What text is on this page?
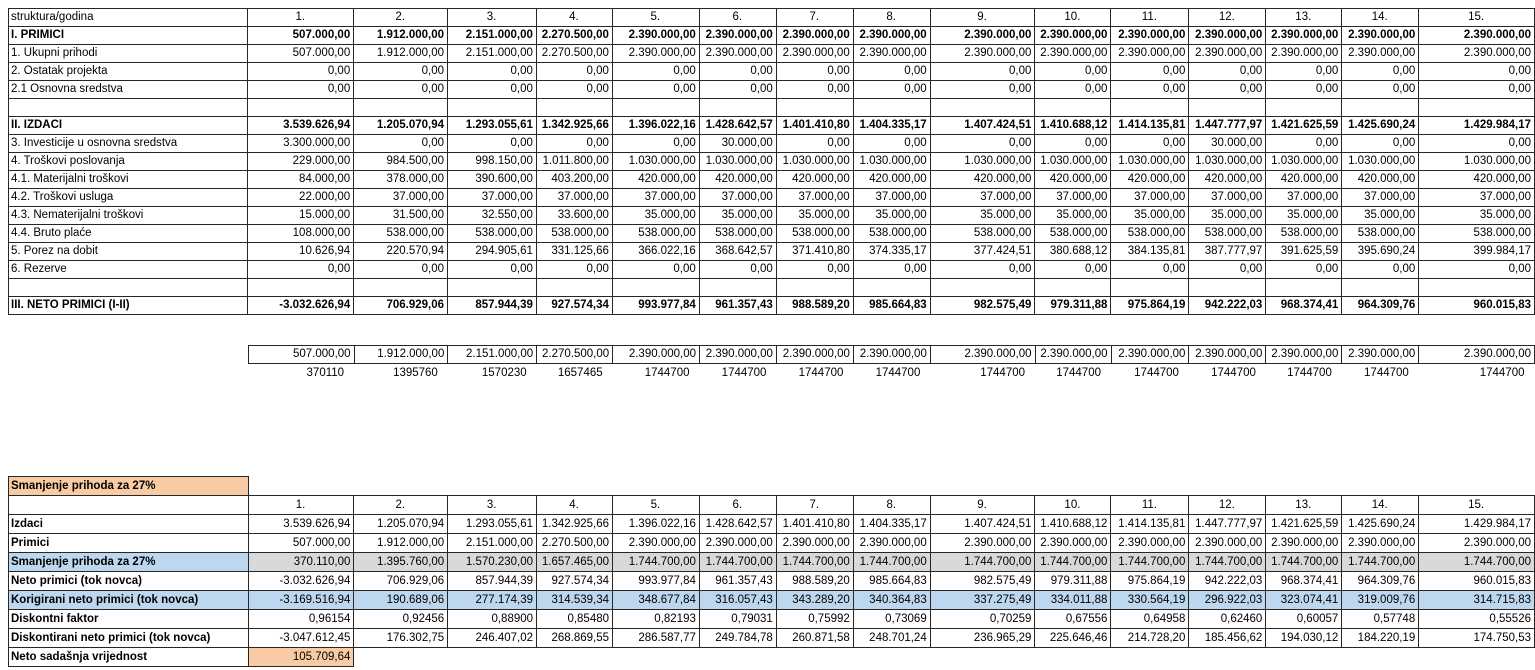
struktura/godina	1.	2.	3.	4.	5.	6.	7.	8.	9.	10.	11.	12.	13.	14.	15.
I. PRIMICI	507.000,00	1.912.000,00	2.151.000,00	2.270.500,00	2.390.000,00	2.390.000,00	2.390.000,00	2.390.000,00	2.390.000,00	2.390.000,00	2.390.000,00	2.390.000,00	2.390.000,00	2.390.000,00	2.390.000,00
1. Ukupni prihodi	507.000,00	1.912.000,00	2.151.000,00	2.270.500,00	2.390.000,00	2.390.000,00	2.390.000,00	2.390.000,00	2.390.000,00	2.390.000,00	2.390.000,00	2.390.000,00	2.390.000,00	2.390.000,00	2.390.000,00
2. Ostatak projekta	0,00	0,00	0,00	0,00	0,00	0,00	0,00	0,00	0,00	0,00	0,00	0,00	0,00	0,00	0,00
2.1 Osnovna sredstva	0,00	0,00	0,00	0,00	0,00	0,00	0,00	0,00	0,00	0,00	0,00	0,00	0,00	0,00	0,00

II. IZDACI	3.539.626,94	1.205.070,94	1.293.055,61	1.342.925,66	1.396.022,16	1.428.642,57	1.401.410,80	1.404.335,17	1.407.424,51	1.410.688,12	1.414.135,81	1.447.777,97	1.421.625,59	1.425.690,24	1.429.984,17
3. Investicije u osnovna sredstva	3.300.000,00	0,00	0,00	0,00	0,00	30.000,00	0,00	0,00	0,00	0,00	0,00	30.000,00	0,00	0,00	0,00
4. Troškovi poslovanja	229.000,00	984.500,00	998.150,00	1.011.800,00	1.030.000,00	1.030.000,00	1.030.000,00	1.030.000,00	1.030.000,00	1.030.000,00	1.030.000,00	1.030.000,00	1.030.000,00	1.030.000,00	1.030.000,00
4.1. Materijalni troškovi	84.000,00	378.000,00	390.600,00	403.200,00	420.000,00	420.000,00	420.000,00	420.000,00	420.000,00	420.000,00	420.000,00	420.000,00	420.000,00	420.000,00	420.000,00
4.2. Troškovi usluga	22.000,00	37.000,00	37.000,00	37.000,00	37.000,00	37.000,00	37.000,00	37.000,00	37.000,00	37.000,00	37.000,00	37.000,00	37.000,00	37.000,00	37.000,00
4.3. Nematerijalni troškovi	15.000,00	31.500,00	32.550,00	33.600,00	35.000,00	35.000,00	35.000,00	35.000,00	35.000,00	35.000,00	35.000,00	35.000,00	35.000,00	35.000,00	35.000,00
4.4. Bruto plaće	108.000,00	538.000,00	538.000,00	538.000,00	538.000,00	538.000,00	538.000,00	538.000,00	538.000,00	538.000,00	538.000,00	538.000,00	538.000,00	538.000,00	538.000,00
5. Porez na dobit	10.626,94	220.570,94	294.905,61	331.125,66	366.022,16	368.642,57	371.410,80	374.335,17	377.424,51	380.688,12	384.135,81	387.777,97	391.625,59	395.690,24	399.984,17
6. Rezerve	0,00	0,00	0,00	0,00	0,00	0,00	0,00	0,00	0,00	0,00	0,00	0,00	0,00	0,00	0,00

III. NETO PRIMICI (I-II)	-3.032.626,94	706.929,06	857.944,39	927.574,34	993.977,84	961.357,43	988.589,20	985.664,83	982.575,49	979.311,88	975.864,19	942.222,03	968.374,41	964.309,76	960.015,83
507.000,00	1.912.000,00	2.151.000,00	2.270.500,00	2.390.000,00	2.390.000,00	2.390.000,00	2.390.000,00	2.390.000,00	2.390.000,00	2.390.000,00	2.390.000,00	2.390.000,00	2.390.000,00	2.390.000,00
370110	1395760	1570230	1657465	1744700	1744700	1744700	1744700	1744700	1744700	1744700	1744700	1744700	1744700	1744700
Smanjenje prihoda za 27%															
	1.	2.	3.	4.	5.	6.	7.	8.	9.	10.	11.	12.	13.	14.	15.
Izdaci	3.539.626,94	1.205.070,94	1.293.055,61	1.342.925,66	1.396.022,16	1.428.642,57	1.401.410,80	1.404.335,17	1.407.424,51	1.410.688,12	1.414.135,81	1.447.777,97	1.421.625,59	1.425.690,24	1.429.984,17
Primici	507.000,00	1.912.000,00	2.151.000,00	2.270.500,00	2.390.000,00	2.390.000,00	2.390.000,00	2.390.000,00	2.390.000,00	2.390.000,00	2.390.000,00	2.390.000,00	2.390.000,00	2.390.000,00	2.390.000,00
Smanjenje prihoda za 27%	370.110,00	1.395.760,00	1.570.230,00	1.657.465,00	1.744.700,00	1.744.700,00	1.744.700,00	1.744.700,00	1.744.700,00	1.744.700,00	1.744.700,00	1.744.700,00	1.744.700,00	1.744.700,00	1.744.700,00
Neto primici (tok novca)	-3.032.626,94	706.929,06	857.944,39	927.574,34	993.977,84	961.357,43	988.589,20	985.664,83	982.575,49	979.311,88	975.864,19	942.222,03	968.374,41	964.309,76	960.015,83
Korigirani neto primici (tok novca)	-3.169.516,94	190.689,06	277.174,39	314.539,34	348.677,84	316.057,43	343.289,20	340.364,83	337.275,49	334.011,88	330.564,19	296.922,03	323.074,41	319.009,76	314.715,83
Diskontni faktor	0,96154	0,92456	0,88900	0,85480	0,82193	0,79031	0,75992	0,73069	0,70259	0,67556	0,64958	0,62460	0,60057	0,57748	0,55526
Diskontirani neto primici (tok novca)	-3.047.612,45	176.302,75	246.407,02	268.869,55	286.587,77	249.784,78	260.871,58	248.701,24	236.965,29	225.646,46	214.728,20	185.456,62	194.030,12	184.220,19	174.750,53
Neto sadašnja vrijednost	105.709,64														
